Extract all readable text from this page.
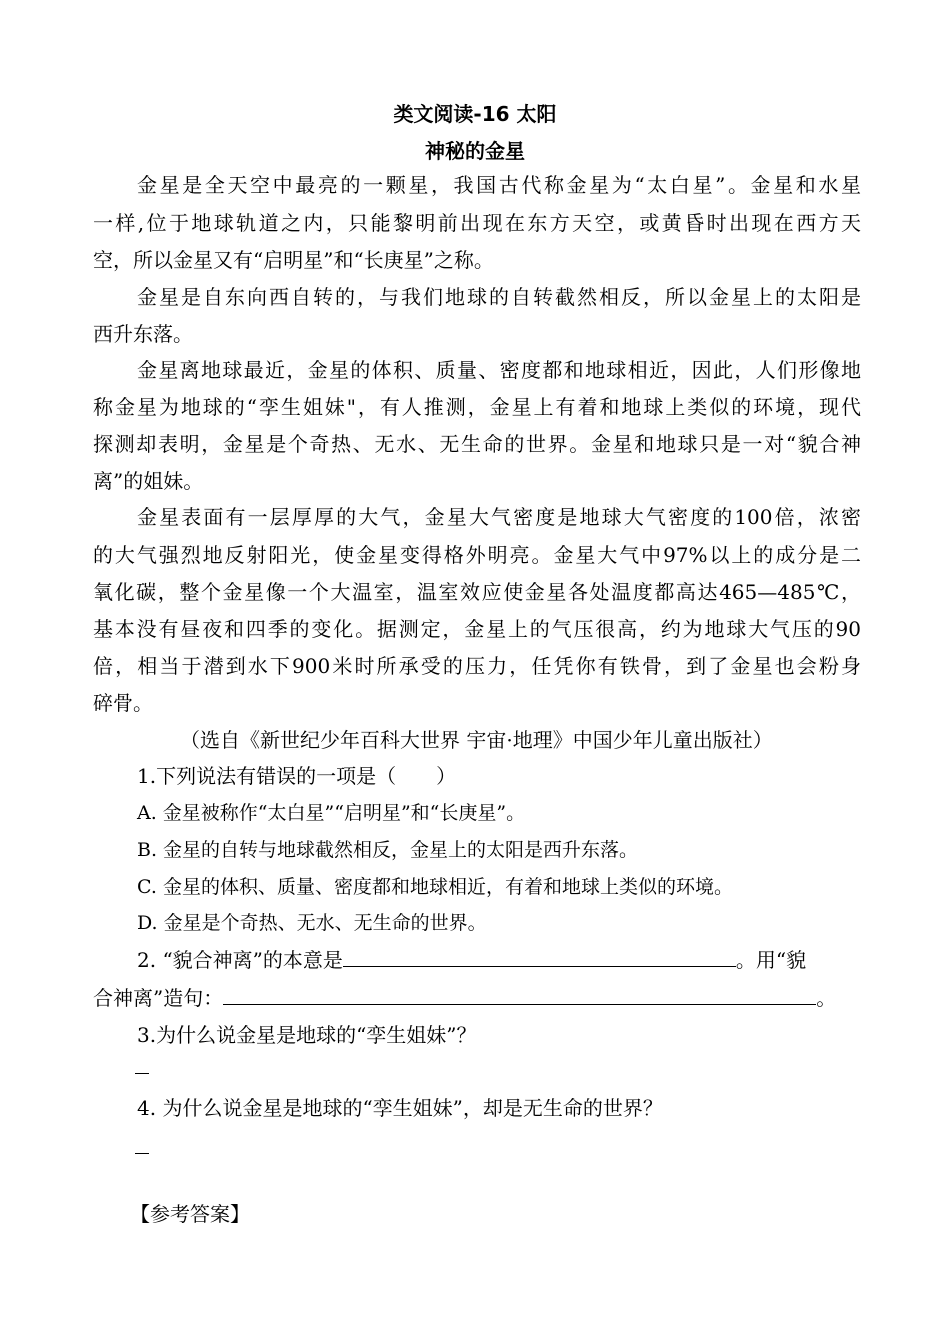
类文阅读-16 太阳
神秘的金星
金星是全天空中最亮的一颗星，我国古代称金星为“太白星”。金星和水星
一样,位于地球轨道之内，只能黎明前出现在东方天空，或黄昏时出现在西方天
空，所以金星又有“启明星”和“长庚星”之称。
金星是自东向西自转的，与我们地球的自转截然相反，所以金星上的太阳是
西升东落。
金星离地球最近，金星的体积、质量、密度都和地球相近，因此，人们形像地
称金星为地球的“孪生姐妹"，有人推测，金星上有着和地球上类似的环境，现代
探测却表明，金星是个奇热、无水、无生命的世界。金星和地球只是一对“貌合神
离”的姐妹。
金星表面有一层厚厚的大气，金星大气密度是地球大气密度的100倍，浓密
的大气强烈地反射阳光，使金星变得格外明亮。金星大气中97%以上的成分是二
氧化碳，整个金星像一个大温室，温室效应使金星各处温度都高达465—485℃，
基本没有昼夜和四季的变化。据测定，金星上的气压很高，约为地球大气压的90
倍，相当于潜到水下900米时所承受的压力，任凭你有铁骨，到了金星也会粉身
碎骨。
（选自《新世纪少年百科大世界 宇宙·地理》中国少年儿童出版社）
1.下列说法有错误的一项是（　　）
A. 金星被称作“太白星”“启明星”和“长庚星”。
B. 金星的自转与地球截然相反，金星上的太阳是西升东落。
C. 金星的体积、质量、密度都和地球相近，有着和地球上类似的环境。
D. 金星是个奇热、无水、无生命的世界。
2. “貌合神离”的本意是	。用“貌
合神离”造句：	。
3.为什么说金星是地球的“孪生姐妹”？
4. 为什么说金星是地球的“孪生姐妹”，却是无生命的世界？
【参考答案】
